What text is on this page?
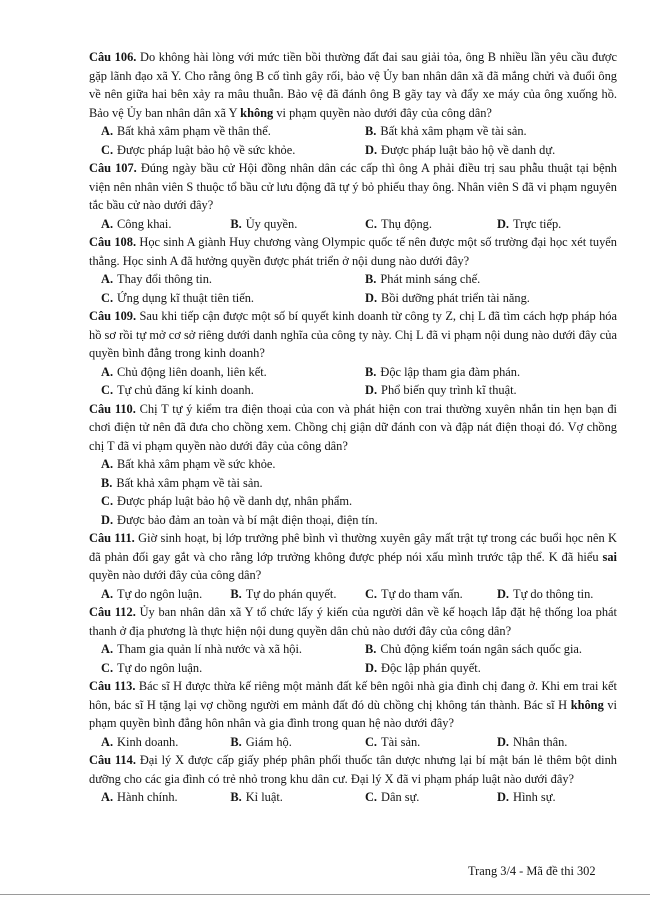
Câu 106. Do không hài lòng với mức tiền bồi thường đất đai sau giải tỏa, ông B nhiều lần yêu cầu được gặp lãnh đạo xã Y. Cho rằng ông B cố tình gây rối, bảo vệ Ủy ban nhân dân xã đã mắng chửi và đuổi ông về nên giữa hai bên xảy ra mâu thuẫn. Bảo vệ đã đánh ông B gãy tay và đẩy xe máy của ông xuống hồ. Bảo vệ Ủy ban nhân dân xã Y không vi phạm quyền nào dưới đây của công dân?

A. Bất khả xâm phạm về thân thể.	B. Bất khả xâm phạm về tài sản.
C. Được pháp luật bảo hộ về sức khỏe.	D. Được pháp luật bảo hộ về danh dự.

Câu 107. Đúng ngày bầu cử Hội đồng nhân dân các cấp thì ông A phải điều trị sau phẫu thuật tại bệnh viện nên nhân viên S thuộc tổ bầu cử lưu động đã tự ý bỏ phiếu thay ông. Nhân viên S đã vi phạm nguyên tắc bầu cử nào dưới đây?

A. Công khai.	B. Ủy quyền.	C. Thụ động.	D. Trực tiếp.

Câu 108. Học sinh A giành Huy chương vàng Olympic quốc tế nên được một số trường đại học xét tuyển thẳng. Học sinh A đã hưởng quyền được phát triển ở nội dung nào dưới đây?

A. Thay đổi thông tin.	B. Phát minh sáng chế.
C. Ứng dụng kĩ thuật tiên tiến.	D. Bồi dưỡng phát triển tài năng.

Câu 109. Sau khi tiếp cận được một số bí quyết kinh doanh từ công ty Z, chị L đã tìm cách hợp pháp hóa hồ sơ rồi tự mở cơ sở riêng dưới danh nghĩa của công ty này. Chị L đã vi phạm nội dung nào dưới đây của quyền bình đẳng trong kinh doanh?

A. Chủ động liên doanh, liên kết.	B. Độc lập tham gia đàm phán.
C. Tự chủ đăng kí kinh doanh.	D. Phổ biến quy trình kĩ thuật.

Câu 110. Chị T tự ý kiểm tra điện thoại của con và phát hiện con trai thường xuyên nhắn tin hẹn bạn đi chơi điện tử nên đã đưa cho chồng xem. Chồng chị giận dữ đánh con và đập nát điện thoại đó. Vợ chồng chị T đã vi phạm quyền nào dưới đây của công dân?

A. Bất khả xâm phạm về sức khỏe.
B. Bất khả xâm phạm về tài sản.
C. Được pháp luật bảo hộ về danh dự, nhân phẩm.
D. Được bảo đảm an toàn và bí mật điện thoại, điện tín.

Câu 111. Giờ sinh hoạt, bị lớp trưởng phê bình vì thường xuyên gây mất trật tự trong các buổi học nên K đã phản đối gay gắt và cho rằng lớp trưởng không được phép nói xấu mình trước tập thể. K đã hiểu sai quyền nào dưới đây của công dân?

A. Tự do ngôn luận.	B. Tự do phán quyết.	C. Tự do tham vấn.	D. Tự do thông tin.

Câu 112. Ủy ban nhân dân xã Y tổ chức lấy ý kiến của người dân về kế hoạch lắp đặt hệ thống loa phát thanh ở địa phương là thực hiện nội dung quyền dân chủ nào dưới đây của công dân?

A. Tham gia quản lí nhà nước và xã hội.	B. Chủ động kiểm toán ngân sách quốc gia.
C. Tự do ngôn luận.	D. Độc lập phán quyết.

Câu 113. Bác sĩ H được thừa kế riêng một mảnh đất kế bên ngôi nhà gia đình chị đang ở. Khi em trai kết hôn, bác sĩ H tặng lại vợ chồng người em mảnh đất đó dù chồng chị không tán thành. Bác sĩ H không vi phạm quyền bình đẳng hôn nhân và gia đình trong quan hệ nào dưới đây?

A. Kinh doanh.	B. Giám hộ.	C. Tài sản.	D. Nhân thân.

Câu 114. Đại lý X được cấp giấy phép phân phối thuốc tân dược nhưng lại bí mật bán lẻ thêm bột dinh dưỡng cho các gia đình có trẻ nhỏ trong khu dân cư. Đại lý X đã vi phạm pháp luật nào dưới đây?

A. Hành chính.	B. Kỉ luật.	C. Dân sự.	D. Hình sự.
Trang 3/4 - Mã đề thi 302
